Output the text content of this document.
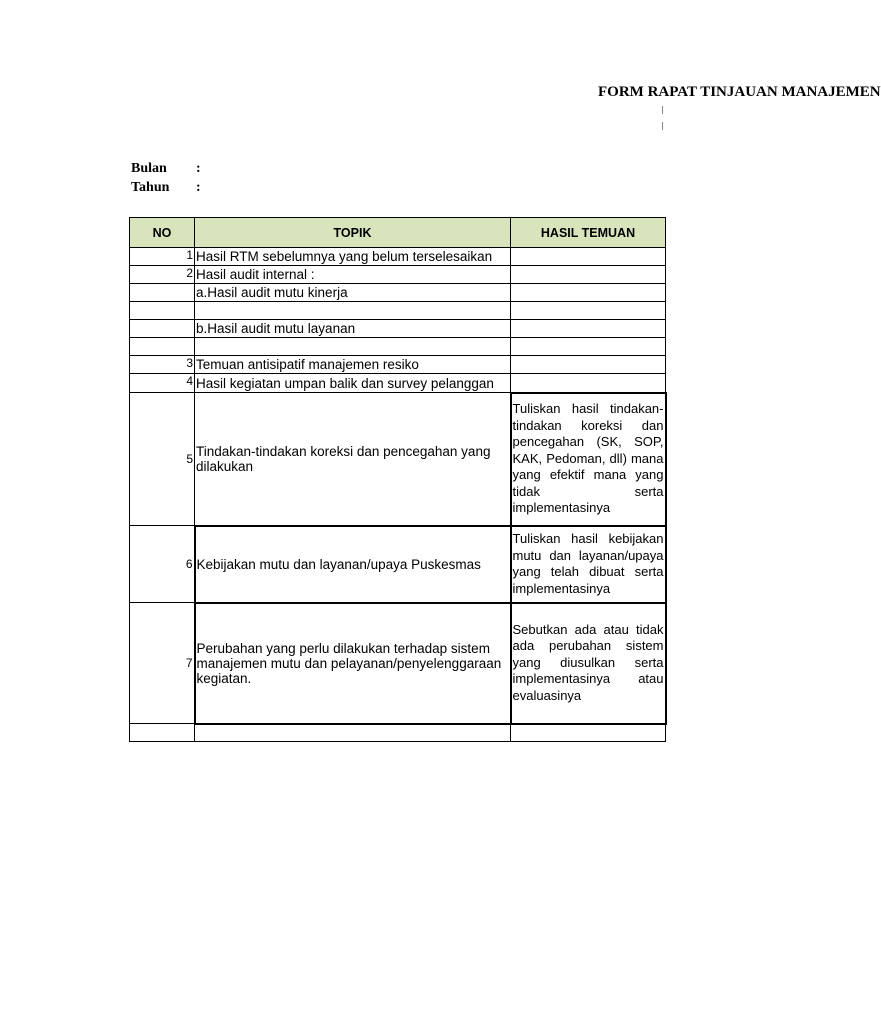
FORM RAPAT TINJAUAN MANAJEMEN
Bulan :
Tahun :
NO	TOPIK	HASIL TEMUAN
1	Hasil RTM sebelumnya yang belum terselesaikan	
2	Hasil audit internal :	
	a.Hasil audit mutu kinerja	

	b.Hasil audit mutu layanan	

3	Temuan antisipatif manajemen resiko	
4	Hasil kegiatan umpan balik dan survey pelanggan	
5	Tindakan-tindakan koreksi dan pencegahan yang dilakukan	Tuliskan hasil tindakan-tindakan koreksi dan pencegahan (SK, SOP, KAK, Pedoman, dll) mana yang efektif mana yang tidak serta implementasinya
6	Kebijakan mutu dan layanan/upaya Puskesmas	Tuliskan hasil kebijakan mutu dan layanan/upaya yang telah dibuat serta implementasinya
7	Perubahan yang perlu dilakukan terhadap sistem manajemen mutu dan pelayanan/penyelenggaraan kegiatan.	Sebutkan ada atau tidak ada perubahan sistem yang diusulkan serta implementasinya atau evaluasinya
